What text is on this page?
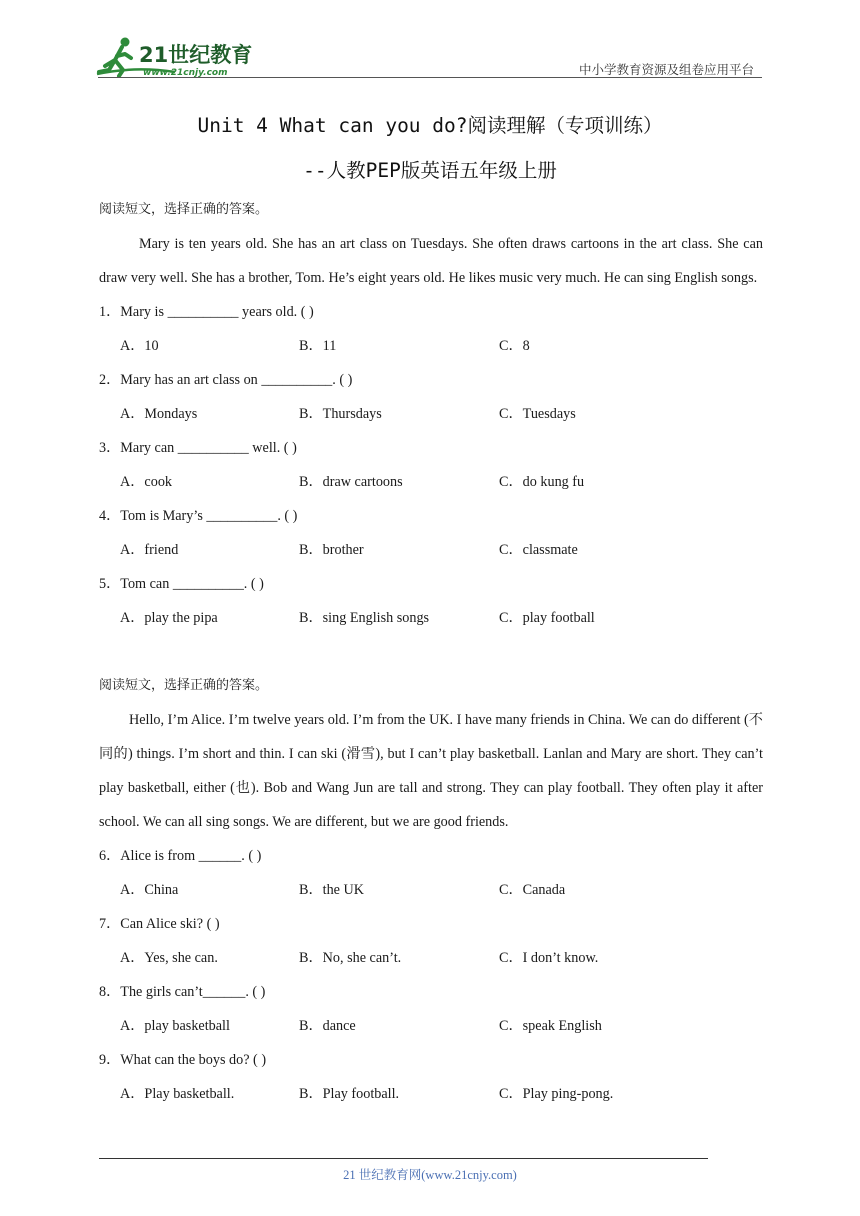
21世纪教育
www.21cnjy.com	中小学教育资源及组卷应用平台
Unit 4 What can you do?阅读理解（专项训练）
--人教PEP版英语五年级上册
阅读短文，选择正确的答案。
Mary is ten years old. She has an art class on Tuesdays. She often draws cartoons in the art class. She can draw very well. She has a brother, Tom. He’s eight years old. He likes music very much. He can sing English songs.
1．Mary is __________ years old. ( )
A．10	B．11	C．8
2．Mary has an art class on __________. ( )
A．Mondays	B．Thursdays	C．Tuesdays
3．Mary can __________ well. ( )
A．cook	B．draw cartoons	C．do kung fu
4．Tom is Mary’s __________. ( )
A．friend	B．brother	C．classmate
5．Tom can __________. ( )
A．play the pipa	B．sing English songs	C．play football
阅读短文，选择正确的答案。
Hello, I’m Alice. I’m twelve years old. I’m from the UK. I have many friends in China. We can do different (不同的) things. I’m short and thin. I can ski (滑雪), but I can’t play basketball. Lanlan and Mary are short. They can’t play basketball, either (也). Bob and Wang Jun are tall and strong. They can play football. They often play it after school. We can all sing songs. We are different, but we are good friends.
6．Alice is from ______. ( )
A．China	B．the UK	C．Canada
7．Can Alice ski? ( )
A．Yes, she can.	B．No, she can’t.	C．I don’t know.
8．The girls can’t______. ( )
A．play basketball	B．dance	C．speak English
9．What can the boys do? ( )
A．Play basketball.	B．Play football.	C．Play ping-pong.
21 世纪教育网(www.21cnjy.com)
